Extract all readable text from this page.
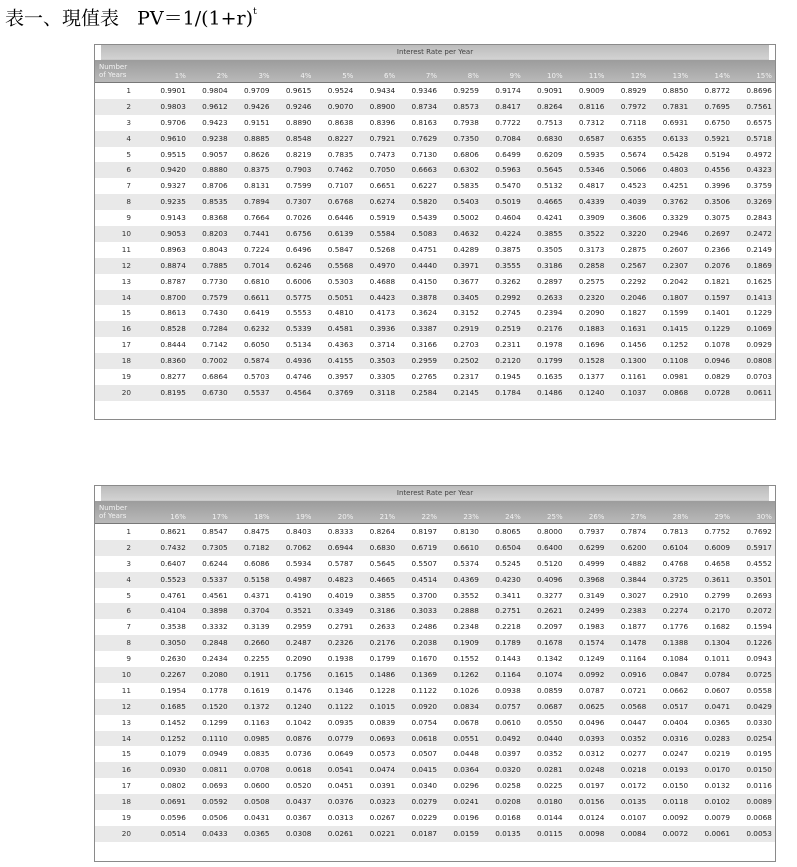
表一、現值表 $PV=1/(1+r)^t$
Interest Rate per Year
Number
of Years	1%	2%	3%	4%	5%	6%	7%	8%	9%	10%	11%	12%	13%	14%	15%
1	0.9901	0.9804	0.9709	0.9615	0.9524	0.9434	0.9346	0.9259	0.9174	0.9091	0.9009	0.8929	0.8850	0.8772	0.8696
2	0.9803	0.9612	0.9426	0.9246	0.9070	0.8900	0.8734	0.8573	0.8417	0.8264	0.8116	0.7972	0.7831	0.7695	0.7561
3	0.9706	0.9423	0.9151	0.8890	0.8638	0.8396	0.8163	0.7938	0.7722	0.7513	0.7312	0.7118	0.6931	0.6750	0.6575
4	0.9610	0.9238	0.8885	0.8548	0.8227	0.7921	0.7629	0.7350	0.7084	0.6830	0.6587	0.6355	0.6133	0.5921	0.5718
5	0.9515	0.9057	0.8626	0.8219	0.7835	0.7473	0.7130	0.6806	0.6499	0.6209	0.5935	0.5674	0.5428	0.5194	0.4972
6	0.9420	0.8880	0.8375	0.7903	0.7462	0.7050	0.6663	0.6302	0.5963	0.5645	0.5346	0.5066	0.4803	0.4556	0.4323
7	0.9327	0.8706	0.8131	0.7599	0.7107	0.6651	0.6227	0.5835	0.5470	0.5132	0.4817	0.4523	0.4251	0.3996	0.3759
8	0.9235	0.8535	0.7894	0.7307	0.6768	0.6274	0.5820	0.5403	0.5019	0.4665	0.4339	0.4039	0.3762	0.3506	0.3269
9	0.9143	0.8368	0.7664	0.7026	0.6446	0.5919	0.5439	0.5002	0.4604	0.4241	0.3909	0.3606	0.3329	0.3075	0.2843
10	0.9053	0.8203	0.7441	0.6756	0.6139	0.5584	0.5083	0.4632	0.4224	0.3855	0.3522	0.3220	0.2946	0.2697	0.2472
11	0.8963	0.8043	0.7224	0.6496	0.5847	0.5268	0.4751	0.4289	0.3875	0.3505	0.3173	0.2875	0.2607	0.2366	0.2149
12	0.8874	0.7885	0.7014	0.6246	0.5568	0.4970	0.4440	0.3971	0.3555	0.3186	0.2858	0.2567	0.2307	0.2076	0.1869
13	0.8787	0.7730	0.6810	0.6006	0.5303	0.4688	0.4150	0.3677	0.3262	0.2897	0.2575	0.2292	0.2042	0.1821	0.1625
14	0.8700	0.7579	0.6611	0.5775	0.5051	0.4423	0.3878	0.3405	0.2992	0.2633	0.2320	0.2046	0.1807	0.1597	0.1413
15	0.8613	0.7430	0.6419	0.5553	0.4810	0.4173	0.3624	0.3152	0.2745	0.2394	0.2090	0.1827	0.1599	0.1401	0.1229
16	0.8528	0.7284	0.6232	0.5339	0.4581	0.3936	0.3387	0.2919	0.2519	0.2176	0.1883	0.1631	0.1415	0.1229	0.1069
17	0.8444	0.7142	0.6050	0.5134	0.4363	0.3714	0.3166	0.2703	0.2311	0.1978	0.1696	0.1456	0.1252	0.1078	0.0929
18	0.8360	0.7002	0.5874	0.4936	0.4155	0.3503	0.2959	0.2502	0.2120	0.1799	0.1528	0.1300	0.1108	0.0946	0.0808
19	0.8277	0.6864	0.5703	0.4746	0.3957	0.3305	0.2765	0.2317	0.1945	0.1635	0.1377	0.1161	0.0981	0.0829	0.0703
20	0.8195	0.6730	0.5537	0.4564	0.3769	0.3118	0.2584	0.2145	0.1784	0.1486	0.1240	0.1037	0.0868	0.0728	0.0611
Interest Rate per Year
Number
of Years	16%	17%	18%	19%	20%	21%	22%	23%	24%	25%	26%	27%	28%	29%	30%
1	0.8621	0.8547	0.8475	0.8403	0.8333	0.8264	0.8197	0.8130	0.8065	0.8000	0.7937	0.7874	0.7813	0.7752	0.7692
2	0.7432	0.7305	0.7182	0.7062	0.6944	0.6830	0.6719	0.6610	0.6504	0.6400	0.6299	0.6200	0.6104	0.6009	0.5917
3	0.6407	0.6244	0.6086	0.5934	0.5787	0.5645	0.5507	0.5374	0.5245	0.5120	0.4999	0.4882	0.4768	0.4658	0.4552
4	0.5523	0.5337	0.5158	0.4987	0.4823	0.4665	0.4514	0.4369	0.4230	0.4096	0.3968	0.3844	0.3725	0.3611	0.3501
5	0.4761	0.4561	0.4371	0.4190	0.4019	0.3855	0.3700	0.3552	0.3411	0.3277	0.3149	0.3027	0.2910	0.2799	0.2693
6	0.4104	0.3898	0.3704	0.3521	0.3349	0.3186	0.3033	0.2888	0.2751	0.2621	0.2499	0.2383	0.2274	0.2170	0.2072
7	0.3538	0.3332	0.3139	0.2959	0.2791	0.2633	0.2486	0.2348	0.2218	0.2097	0.1983	0.1877	0.1776	0.1682	0.1594
8	0.3050	0.2848	0.2660	0.2487	0.2326	0.2176	0.2038	0.1909	0.1789	0.1678	0.1574	0.1478	0.1388	0.1304	0.1226
9	0.2630	0.2434	0.2255	0.2090	0.1938	0.1799	0.1670	0.1552	0.1443	0.1342	0.1249	0.1164	0.1084	0.1011	0.0943
10	0.2267	0.2080	0.1911	0.1756	0.1615	0.1486	0.1369	0.1262	0.1164	0.1074	0.0992	0.0916	0.0847	0.0784	0.0725
11	0.1954	0.1778	0.1619	0.1476	0.1346	0.1228	0.1122	0.1026	0.0938	0.0859	0.0787	0.0721	0.0662	0.0607	0.0558
12	0.1685	0.1520	0.1372	0.1240	0.1122	0.1015	0.0920	0.0834	0.0757	0.0687	0.0625	0.0568	0.0517	0.0471	0.0429
13	0.1452	0.1299	0.1163	0.1042	0.0935	0.0839	0.0754	0.0678	0.0610	0.0550	0.0496	0.0447	0.0404	0.0365	0.0330
14	0.1252	0.1110	0.0985	0.0876	0.0779	0.0693	0.0618	0.0551	0.0492	0.0440	0.0393	0.0352	0.0316	0.0283	0.0254
15	0.1079	0.0949	0.0835	0.0736	0.0649	0.0573	0.0507	0.0448	0.0397	0.0352	0.0312	0.0277	0.0247	0.0219	0.0195
16	0.0930	0.0811	0.0708	0.0618	0.0541	0.0474	0.0415	0.0364	0.0320	0.0281	0.0248	0.0218	0.0193	0.0170	0.0150
17	0.0802	0.0693	0.0600	0.0520	0.0451	0.0391	0.0340	0.0296	0.0258	0.0225	0.0197	0.0172	0.0150	0.0132	0.0116
18	0.0691	0.0592	0.0508	0.0437	0.0376	0.0323	0.0279	0.0241	0.0208	0.0180	0.0156	0.0135	0.0118	0.0102	0.0089
19	0.0596	0.0506	0.0431	0.0367	0.0313	0.0267	0.0229	0.0196	0.0168	0.0144	0.0124	0.0107	0.0092	0.0079	0.0068
20	0.0514	0.0433	0.0365	0.0308	0.0261	0.0221	0.0187	0.0159	0.0135	0.0115	0.0098	0.0084	0.0072	0.0061	0.0053
